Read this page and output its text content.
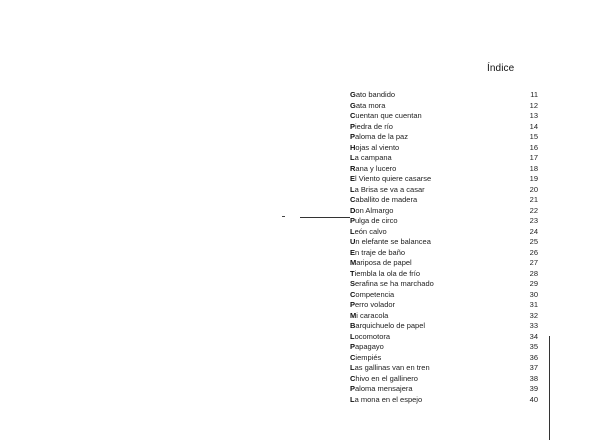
Índice
Gato bandido	11
Gata mora	12
Cuentan que cuentan	13
Piedra de río	14
Paloma de la paz	15
Hojas al viento	16
La campana	17
Rana y lucero	18
El Viento quiere casarse	19
La Brisa se va a casar	20
Caballito de madera	21
Don Almargo	22
Pulga de circo	23
León calvo	24
Un elefante se balancea	25
En traje de baño	26
Mariposa de papel	27
Tiembla la ola de frío	28
Serafina se ha marchado	29
Competencia	30
Perro volador	31
Mi caracola	32
Barquichuelo de papel	33
Locomotora	34
Papagayo	35
Ciempiés	36
Las gallinas van en tren	37
Chivo en el gallinero	38
Paloma mensajera	39
La mona en el espejo	40
